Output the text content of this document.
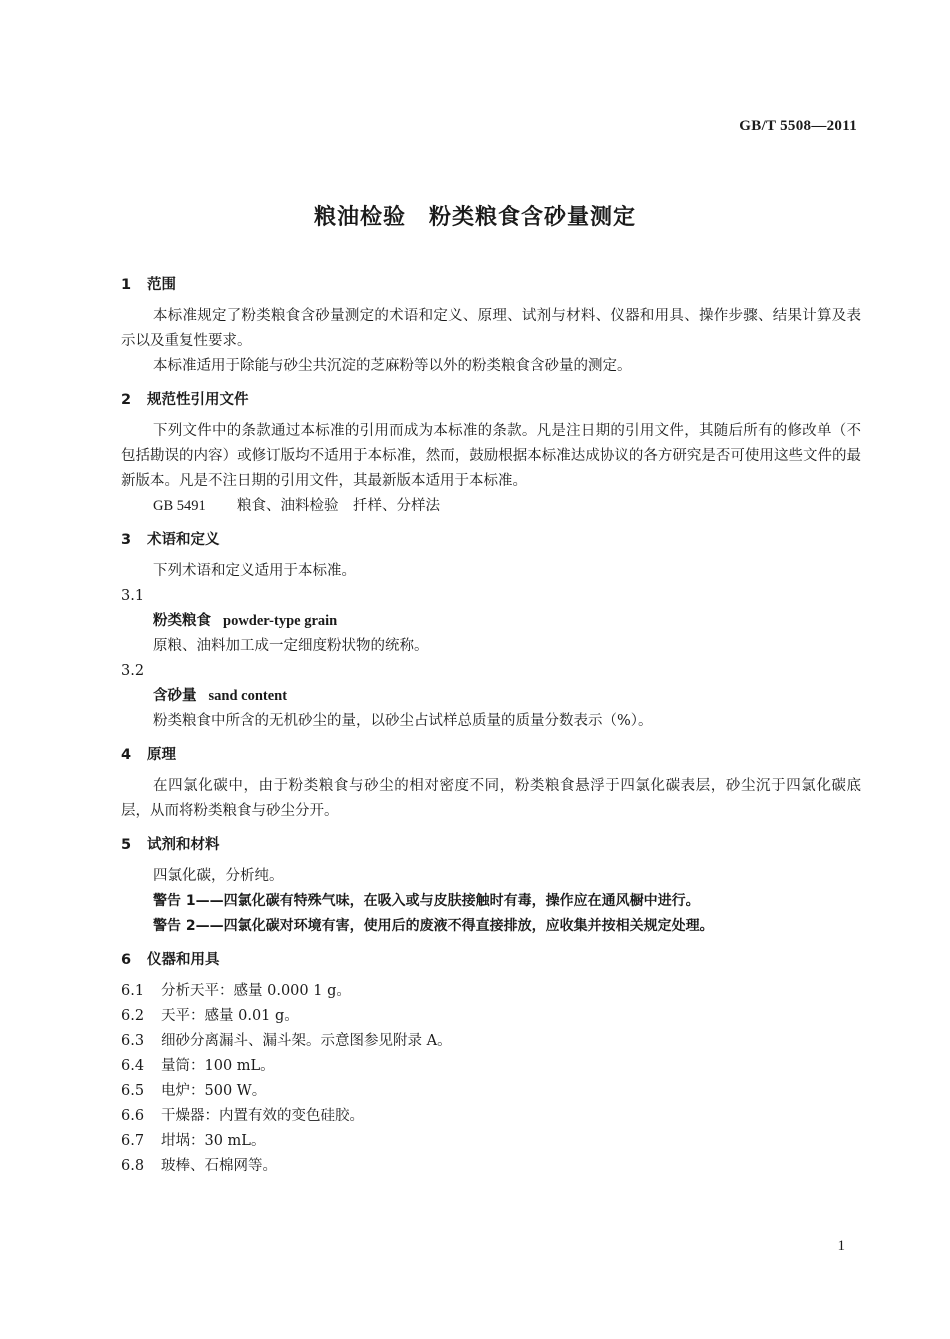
GB/T 5508—2011
粮油检验　粉类粮食含砂量测定
1 范围

本标准规定了粉类粮食含砂量测定的术语和定义、原理、试剂与材料、仪器和用具、操作步骤、结果计算及表示以及重复性要求。

本标准适用于除能与砂尘共沉淀的芝麻粉等以外的粉类粮食含砂量的测定。

2 规范性引用文件

下列文件中的条款通过本标准的引用而成为本标准的条款。凡是注日期的引用文件，其随后所有的修改单（不包括勘误的内容）或修订版均不适用于本标准，然而，鼓励根据本标准达成协议的各方研究是否可使用这些文件的最新版本。凡是不注日期的引用文件，其最新版本适用于本标准。

GB 5491 粮食、油料检验　扦样、分样法

3 术语和定义

下列术语和定义适用于本标准。

3.1

粉类粮食 powder-type grain

原粮、油料加工成一定细度粉状物的统称。

3.2

含砂量 sand content

粉类粮食中所含的无机砂尘的量，以砂尘占试样总质量的质量分数表示（%）。

4 原理

在四氯化碳中，由于粉类粮食与砂尘的相对密度不同，粉类粮食悬浮于四氯化碳表层，砂尘沉于四氯化碳底层，从而将粉类粮食与砂尘分开。

5 试剂和材料

四氯化碳，分析纯。

警告 1——四氯化碳有特殊气味，在吸入或与皮肤接触时有毒，操作应在通风橱中进行。

警告 2——四氯化碳对环境有害，使用后的废液不得直接排放，应收集并按相关规定处理。

6 仪器和用具

6.1 分析天平：感量 0.000 1 g。

6.2 天平：感量 0.01 g。

6.3 细砂分离漏斗、漏斗架。示意图参见附录 A。

6.4 量筒：100 mL。

6.5 电炉：500 W。

6.6 干燥器：内置有效的变色硅胶。

6.7 坩埚：30 mL。

6.8 玻棒、石棉网等。

1
